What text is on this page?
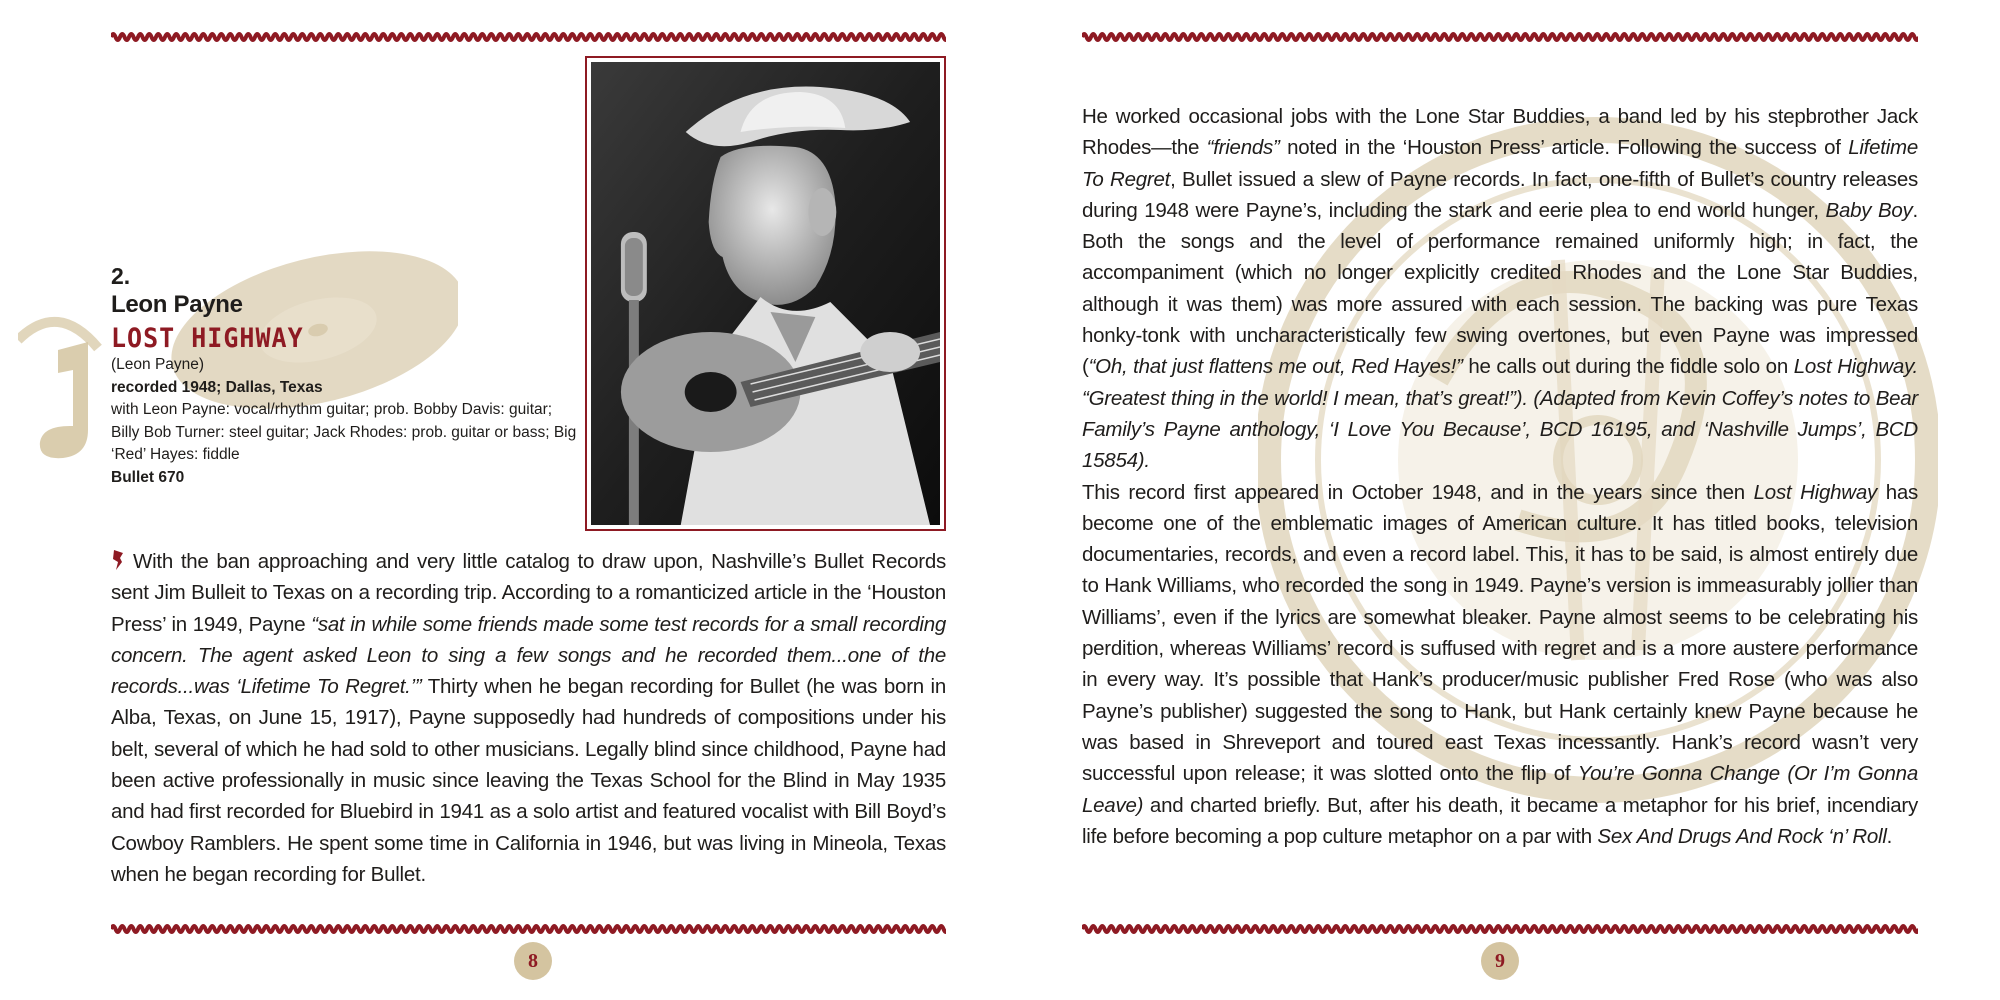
2.
Leon Payne
LOST HIGHWAY
(Leon Payne)
recorded 1948; Dallas, Texas
with Leon Payne: vocal/rhythm guitar; prob. Bobby Davis: guitar; Billy Bob Turner: steel guitar; Jack Rhodes: prob. guitar or bass; Big ‘Red’ Hayes: fiddle
Bullet 670

With the ban approaching and very little catalog to draw upon, Nashville’s Bullet Records sent Jim Bulleit to Texas on a recording trip. According to a romanticized article in the ‘Houston Press’ in 1949, Payne “sat in while some friends made some test records for a small recording concern. The agent asked Leon to sing a few songs and he recorded them...one of the records...was ‘Lifetime To Regret.’” Thirty when he began recording for Bullet (he was born in Alba, Texas, on June 15, 1917), Payne supposedly had hundreds of compositions under his belt, several of which he had sold to other musicians. Legally blind since childhood, Payne had been active professionally in music since leaving the Texas School for the Blind in May 1935 and had first recorded for Bluebird in 1941 as a solo artist and featured vocalist with Bill Boyd’s Cowboy Ramblers. He spent some time in California in 1946, but was living in Mineola, Texas when he began recording for Bullet.

8

He worked occasional jobs with the Lone Star Buddies, a band led by his stepbrother Jack Rhodes—the “friends” noted in the ‘Houston Press’ article. Following the success of Lifetime To Regret, Bullet issued a slew of Payne records. In fact, one-fifth of Bullet’s country releases during 1948 were Payne’s, including the stark and eerie plea to end world hunger, Baby Boy. Both the songs and the level of performance remained uniformly high; in fact, the accompaniment (which no longer explicitly credited Rhodes and the Lone Star Buddies, although it was them) was more assured with each session. The backing was pure Texas honky-tonk with uncharacteristically few swing overtones, but even Payne was impressed (“Oh, that just flattens me out, Red Hayes!” he calls out during the fiddle solo on Lost Highway. “Greatest thing in the world! I mean, that’s great!”). (Adapted from Kevin Coffey’s notes to Bear Family’s Payne anthology, ‘I Love You Because’, BCD 16195, and ‘Nashville Jumps’, BCD 15854).

This record first appeared in October 1948, and in the years since then Lost Highway has become one of the emblematic images of American culture. It has titled books, television documentaries, records, and even a record label. This, it has to be said, is almost entirely due to Hank Williams, who recorded the song in 1949. Payne’s version is immeasurably jollier than Williams’, even if the lyrics are somewhat bleaker. Payne almost seems to be celebrating his perdition, whereas Williams’ record is suffused with regret and is a more austere performance in every way. It’s possible that Hank’s producer/music publisher Fred Rose (who was also Payne’s publisher) suggested the song to Hank, but Hank certainly knew Payne because he was based in Shreveport and toured east Texas incessantly. Hank’s record wasn’t very successful upon release; it was slotted onto the flip of You’re Gonna Change (Or I’m Gonna Leave) and charted briefly. But, after his death, it became a metaphor for his brief, incendiary life before becoming a pop culture metaphor on a par with Sex And Drugs And Rock ‘n’ Roll.

9
